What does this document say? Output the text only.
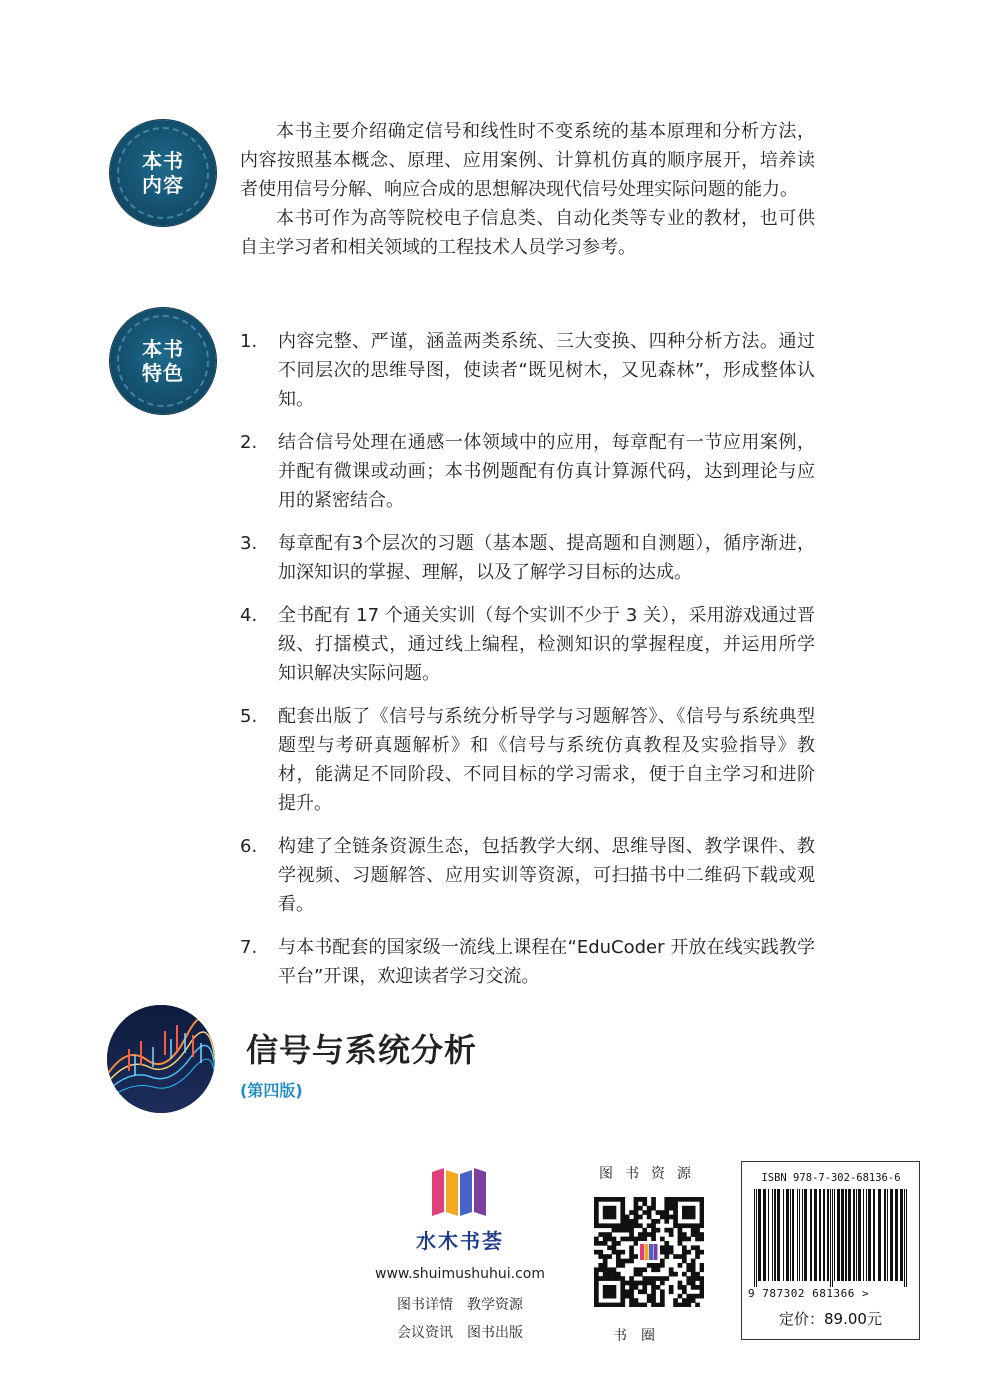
本书
内容

本书主要介绍确定信号和线性时不变系统的基本原理和分析方法，内容按照基本概念、原理、应用案例、计算机仿真的顺序展开，培养读者使用信号分解、响应合成的思想解决现代信号处理实际问题的能力。

本书可作为高等院校电子信息类、自动化类等专业的教材，也可供自主学习者和相关领域的工程技术人员学习参考。

本书
特色
1.	内容完整、严谨，涵盖两类系统、三大变换、四种分析方法。通过不同层次的思维导图，使读者“既见树木，又见森林”，形成整体认知。
2.	结合信号处理在通感一体领域中的应用，每章配有一节应用案例，并配有微课或动画；本书例题配有仿真计算源代码，达到理论与应用的紧密结合。
3.	每章配有3个层次的习题（基本题、提高题和自测题），循序渐进，加深知识的掌握、理解，以及了解学习目标的达成。
4.	全书配有 17 个通关实训（每个实训不少于 3 关），采用游戏通过晋级、打擂模式，通过线上编程，检测知识的掌握程度，并运用所学知识解决实际问题。
5.	配套出版了《信号与系统分析导学与习题解答》、《信号与系统典型题型与考研真题解析》和《信号与系统仿真教程及实验指导》教材，能满足不同阶段、不同目标的学习需求，便于自主学习和进阶提升。
6.	构建了全链条资源生态，包括教学大纲、思维导图、教学课件、教学视频、习题解答、应用实训等资源，可扫描书中二维码下载或观看。
7.	与本书配套的国家级一流线上课程在“EduCoder 开放在线实践教学平台”开课，欢迎读者学习交流。
信号与系统分析
(第四版)
水木书荟
www.shuimushuhui.com
图书详情 教学资源
会议资讯 图书出版
图书资源
书圈
ISBN 978-7-302-68136-6
9 787302 681366 >
定价：89.00元
